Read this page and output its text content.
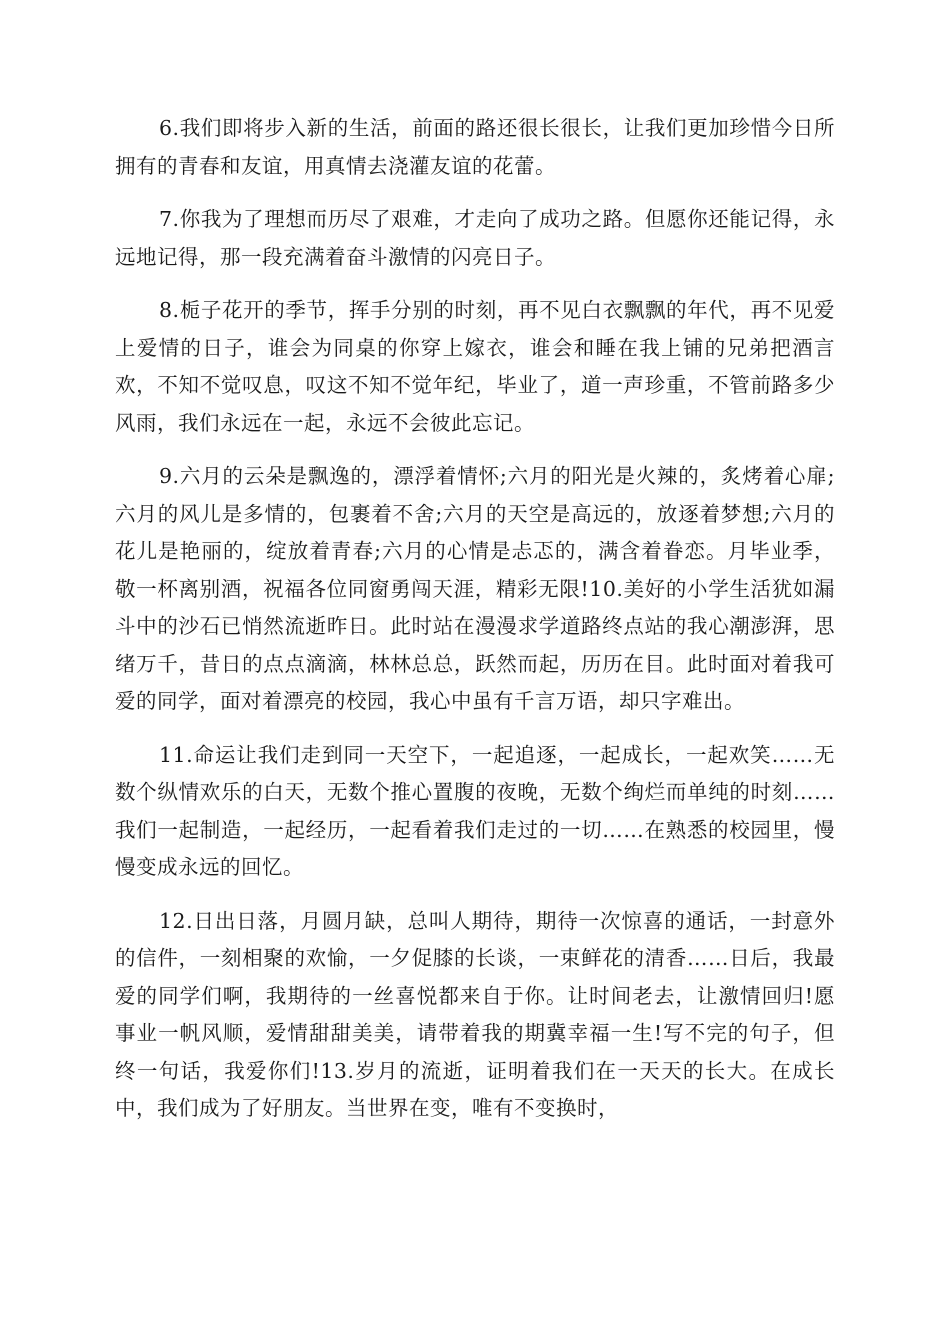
6.我们即将步入新的生活，前面的路还很长很长，让我们更加珍惜今日所拥有的青春和友谊，用真情去浇灌友谊的花蕾。

7.你我为了理想而历尽了艰难，才走向了成功之路。但愿你还能记得，永远地记得，那一段充满着奋斗激情的闪亮日子。

8.栀子花开的季节，挥手分别的时刻，再不见白衣飘飘的年代，再不见爱上爱情的日子，谁会为同桌的你穿上嫁衣，谁会和睡在我上铺的兄弟把酒言欢，不知不觉叹息，叹这不知不觉年纪，毕业了，道一声珍重，不管前路多少风雨，我们永远在一起，永远不会彼此忘记。

9.六月的云朵是飘逸的，漂浮着情怀;六月的阳光是火辣的，炙烤着心扉;六月的风儿是多情的，包裹着不舍;六月的天空是高远的，放逐着梦想;六月的花儿是艳丽的，绽放着青春;六月的心情是忐忑的，满含着眷恋。月毕业季，敬一杯离别酒，祝福各位同窗勇闯天涯，精彩无限!10.美好的小学生活犹如漏斗中的沙石已悄然流逝昨日。此时站在漫漫求学道路终点站的我心潮澎湃，思绪万千，昔日的点点滴滴，林林总总，跃然而起，历历在目。此时面对着我可爱的同学，面对着漂亮的校园，我心中虽有千言万语，却只字难出。

11.命运让我们走到同一天空下，一起追逐，一起成长，一起欢笑……无数个纵情欢乐的白天，无数个推心置腹的夜晚，无数个绚烂而单纯的时刻……我们一起制造，一起经历，一起看着我们走过的一切……在熟悉的校园里，慢慢变成永远的回忆。

12.日出日落，月圆月缺，总叫人期待，期待一次惊喜的通话，一封意外的信件，一刻相聚的欢愉，一夕促膝的长谈，一束鲜花的清香……日后，我最爱的同学们啊，我期待的一丝喜悦都来自于你。让时间老去，让激情回归!愿事业一帆风顺，爱情甜甜美美，请带着我的期冀幸福一生!写不完的句子，但终一句话，我爱你们!13.岁月的流逝，证明着我们在一天天的长大。在成长中，我们成为了好朋友。当世界在变，唯有不变换时，
